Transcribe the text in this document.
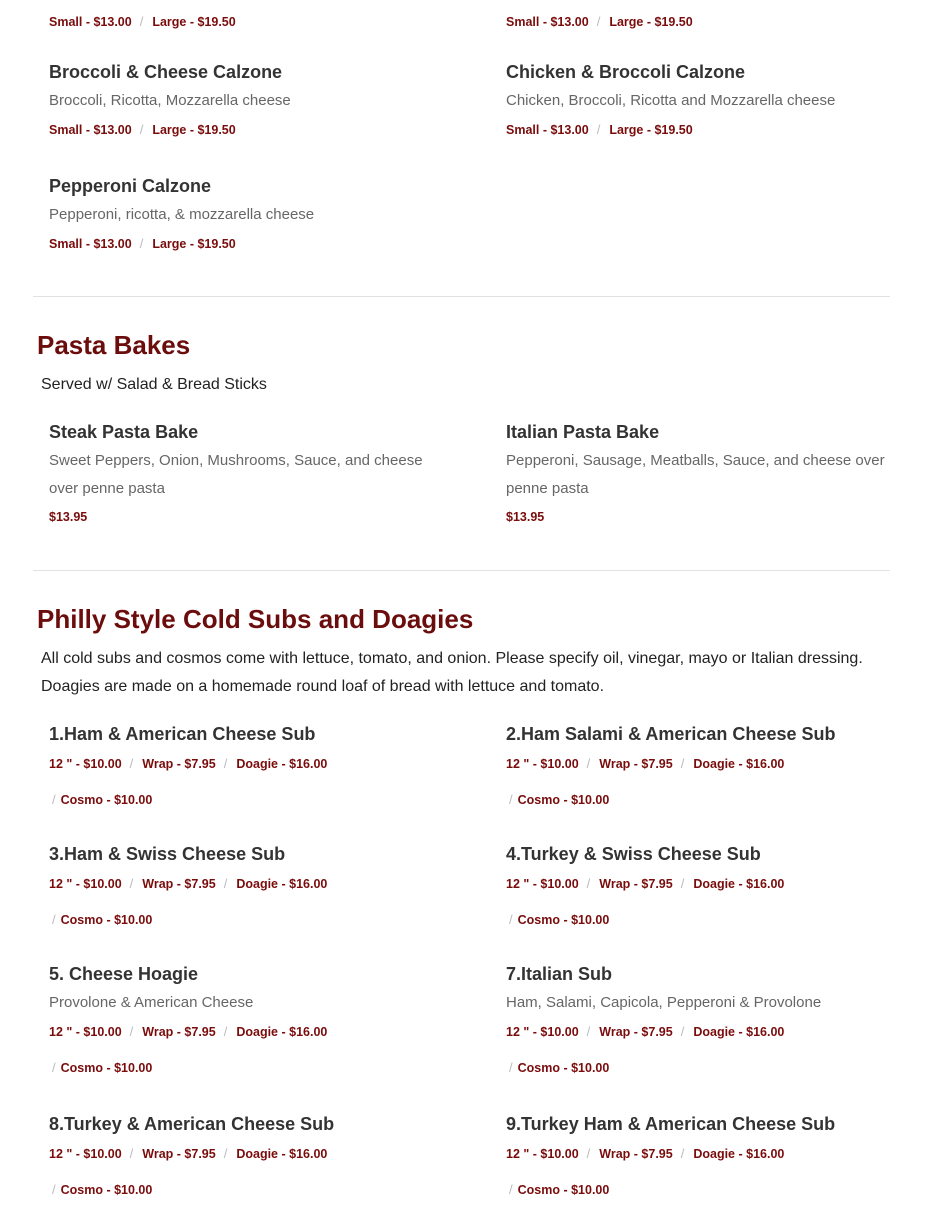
Small - $13.00 / Large - $19.50	Small - $13.00 / Large - $19.50
Broccoli & Cheese Calzone
Broccoli, Ricotta, Mozzarella cheese
Small - $13.00 / Large - $19.50
Chicken & Broccoli Calzone
Chicken, Broccoli, Ricotta and Mozzarella cheese
Small - $13.00 / Large - $19.50
Pepperoni Calzone
Pepperoni, ricotta, & mozzarella cheese
Small - $13.00 / Large - $19.50
Pasta Bakes
Served w/ Salad & Bread Sticks
Steak Pasta Bake
Sweet Peppers, Onion, Mushrooms, Sauce, and cheese over penne pasta
$13.95
Italian Pasta Bake
Pepperoni, Sausage, Meatballs, Sauce, and cheese over penne pasta
$13.95
Philly Style Cold Subs and Doagies
All cold subs and cosmos come with lettuce, tomato, and onion. Please specify oil, vinegar, mayo or Italian dressing. Doagies are made on a homemade round loaf of bread with lettuce and tomato.
1.Ham & American Cheese Sub
12 " - $10.00 / Wrap - $7.95 / Doagie - $16.00
/ Cosmo - $10.00
2.Ham Salami & American Cheese Sub
12 " - $10.00 / Wrap - $7.95 / Doagie - $16.00
/ Cosmo - $10.00
3.Ham & Swiss Cheese Sub
12 " - $10.00 / Wrap - $7.95 / Doagie - $16.00
/ Cosmo - $10.00
4.Turkey & Swiss Cheese Sub
12 " - $10.00 / Wrap - $7.95 / Doagie - $16.00
/ Cosmo - $10.00
5. Cheese Hoagie
Provolone & American Cheese
12 " - $10.00 / Wrap - $7.95 / Doagie - $16.00
/ Cosmo - $10.00
7.Italian Sub
Ham, Salami, Capicola, Pepperoni & Provolone
12 " - $10.00 / Wrap - $7.95 / Doagie - $16.00
/ Cosmo - $10.00
8.Turkey & American Cheese Sub
12 " - $10.00 / Wrap - $7.95 / Doagie - $16.00
/ Cosmo - $10.00
9.Turkey Ham & American Cheese Sub
12 " - $10.00 / Wrap - $7.95 / Doagie - $16.00
/ Cosmo - $10.00
